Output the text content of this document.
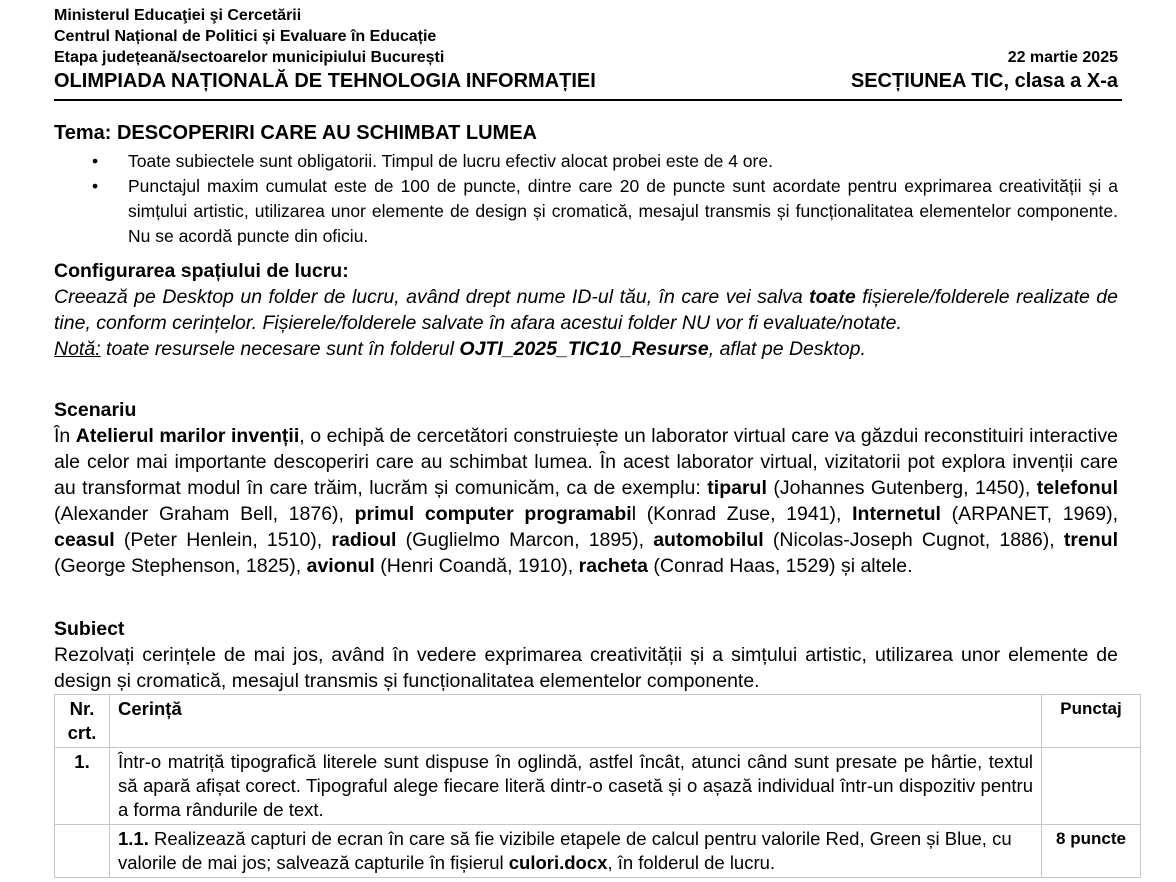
Ministerul Educaţiei şi Cercetării
Centrul Național de Politici și Evaluare în Educație
Etapa județeană/sectoarelor municipiului București	22 martie 2025
OLIMPIADA NAȚIONALĂ DE TEHNOLOGIA INFORMAȚIEI	SECȚIUNEA TIC, clasa a X-a
Tema: DESCOPERIRI CARE AU SCHIMBAT LUMEA
• Toate subiectele sunt obligatorii. Timpul de lucru efectiv alocat probei este de 4 ore.
• Punctajul maxim cumulat este de 100 de puncte, dintre care 20 de puncte sunt acordate pentru exprimarea creativității și a simțului artistic, utilizarea unor elemente de design și cromatică, mesajul transmis și funcționalitatea elementelor componente. Nu se acordă puncte din oficiu.
Configurarea spațiului de lucru:
Creează pe Desktop un folder de lucru, având drept nume ID-ul tău, în care vei salva toate fișierele/folderele realizate de tine, conform cerințelor. Fișierele/folderele salvate în afara acestui folder NU vor fi evaluate/notate.
Notă: toate resursele necesare sunt în folderul OJTI_2025_TIC10_Resurse, aflat pe Desktop.
Scenariu
În Atelierul marilor invenții, o echipă de cercetători construiește un laborator virtual care va găzdui reconstituiri interactive ale celor mai importante descoperiri care au schimbat lumea. În acest laborator virtual, vizitatorii pot explora invenții care au transformat modul în care trăim, lucrăm și comunicăm, ca de exemplu: tiparul (Johannes Gutenberg, 1450), telefonul (Alexander Graham Bell, 1876), primul computer programabil (Konrad Zuse, 1941), Internetul (ARPANET, 1969), ceasul (Peter Henlein, 1510), radioul (Guglielmo Marcon, 1895), automobilul (Nicolas-Joseph Cugnot, 1886), trenul (George Stephenson, 1825), avionul (Henri Coandă, 1910), racheta (Conrad Haas, 1529) și altele.
Subiect
Rezolvați cerințele de mai jos, având în vedere exprimarea creativității și a simțului artistic, utilizarea unor elemente de design și cromatică, mesajul transmis și funcționalitatea elementelor componente.
Nr. crt.	Cerință	Punctaj
1.	Într-o matriță tipografică literele sunt dispuse în oglindă, astfel încât, atunci când sunt presate pe hârtie, textul să apară afișat corect. Tipograful alege fiecare literă dintr-o casetă și o așază individual într-un dispozitiv pentru a forma rândurile de text.	
	1.1. Realizează capturi de ecran în care să fie vizibile etapele de calcul pentru valorile Red, Green și Blue, cu valorile de mai jos; salvează capturile în fișierul culori.docx, în folderul de lucru.	8 puncte
